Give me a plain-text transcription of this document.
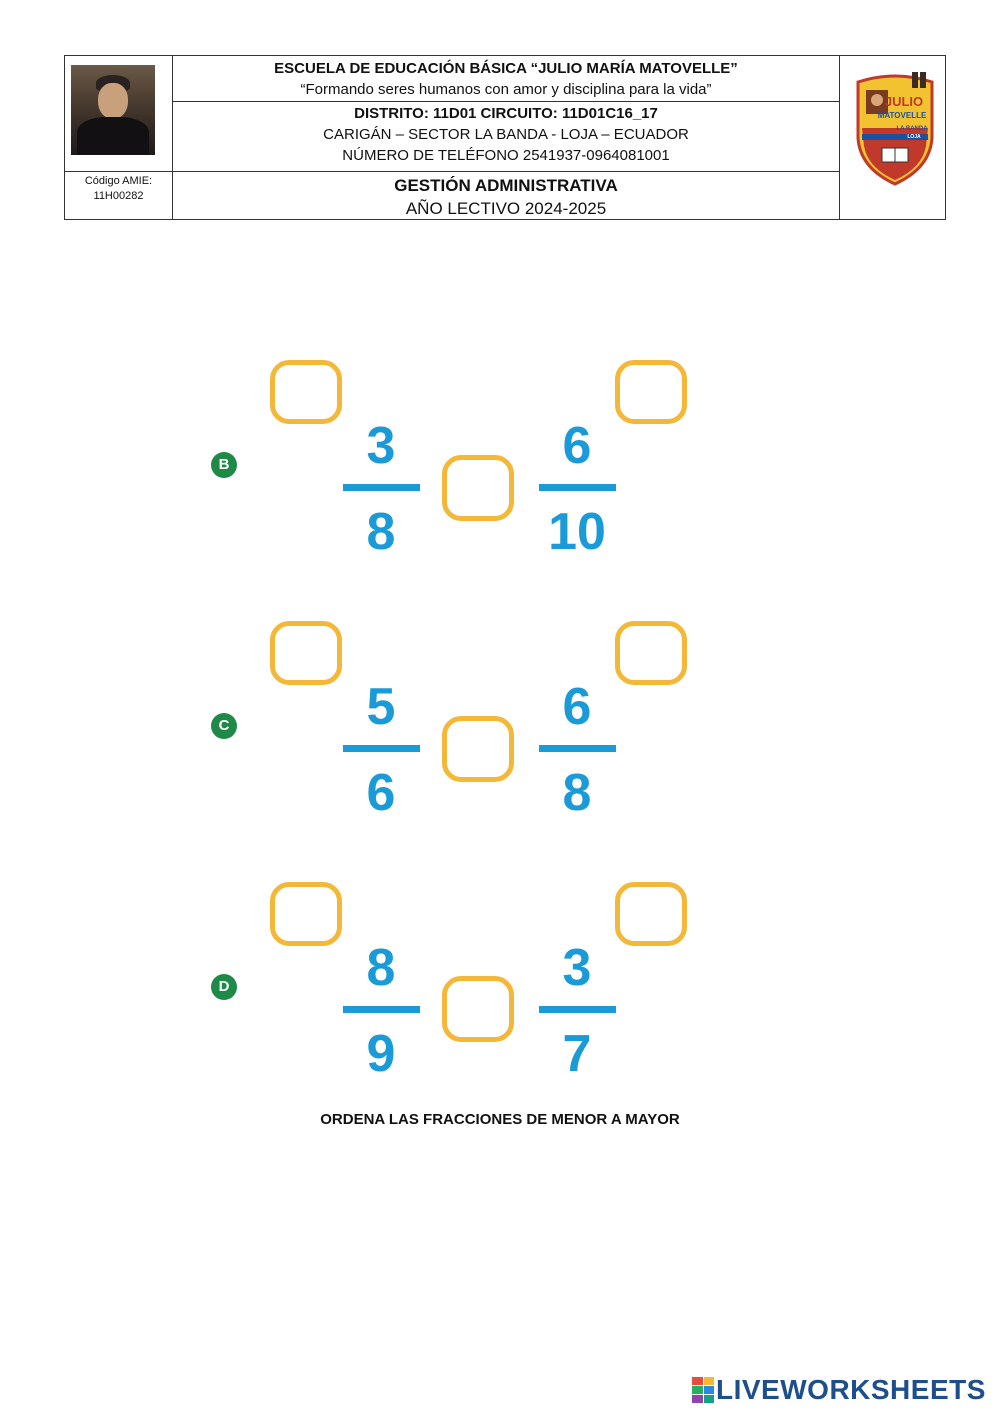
Código AMIE:
11H00282
ESCUELA DE EDUCACIÓN BÁSICA “JULIO MARÍA MATOVELLE”
“Formando seres humanos con amor y disciplina para la vida”
DISTRITO: 11D01 CIRCUITO: 11D01C16_17
CARIGÁN – SECTOR LA BANDA - LOJA – ECUADOR
NÚMERO DE TELÉFONO 2541937-0964081001
GESTIÓN ADMINISTRATIVA
AÑO LECTIVO 2024-2025
JULIO
MATOVELLE
LA BANDA
LOJA
B	3
8
6
10
C	5
6
6
8
D	8
9
3
7
ORDENA LAS FRACCIONES DE MENOR A MAYOR
LIVEWORKSHEETS
